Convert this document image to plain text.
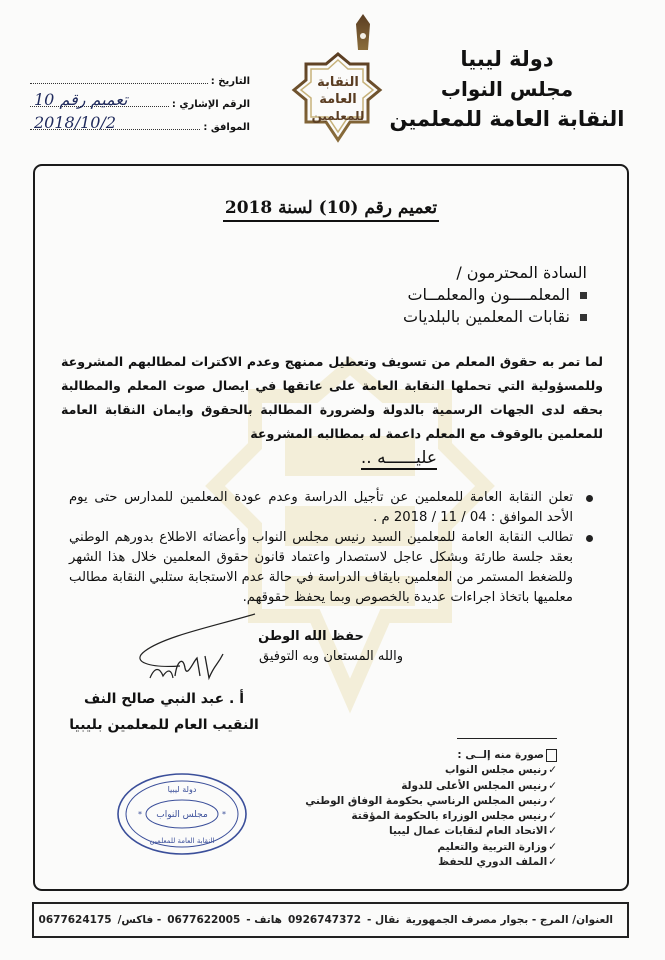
دولة ليبيا
مجلس النواب
النقابة العامة للمعلمين
النقابة
العامة
للمعلمين
التاريخ :
الرقم الإشاري :
تعميم رقم 10
الموافق :
2018/10/2
تعميم رقم (10) لسنة 2018
السادة المحترمون /
المعلمــــون والمعلمــات
نقابات المعلمين بالبلديات
لما تمر به حقوق المعلم من تسويف وتعطيل ممنهج وعدم الاكترات لمطالبهم المشروعة وللمسؤولية التي تحملها النقابة العامة على عاتقها في ايصال صوت المعلم والمطالبة بحقه لدى الجهات الرسمية بالدولة ولضرورة المطالبة بالحقوق وايمان النقابة العامة للمعلمين بالوقوف مع المعلم داعمة له بمطالبه المشروعة
عليــــــه ..
تعلن النقابة العامة للمعلمين عن تأجيل الدراسة وعدم عودة المعلمين للمدارس حتى يوم الأحد الموافق : 04 / 11 / 2018 م .
تطالب النقابة العامة للمعلمين السيد رنيس مجلس النواب وأعضائه الاطلاع بدورهم الوطني بعقد جلسة طارئة وبشكل عاجل لاستصدار واعتماد قانون حقوق المعلمين خلال هذا الشهر وللضغط المستمر من المعلمين بايقاف الدراسة في حالة عدم الاستجابة ستلبي النقابة مطالب معلميها باتخاذ اجراءات عديدة بالخصوص وبما يحفظ حقوقهم.
حفظ الله الوطن
والله المستعان وبه التوفيق
أ . عبد النبي صالح النف
النقيب العام للمعلمين بليبيا
صورة منه إلــى :
✓رنيس مجلس النواب
✓رنيس المجلس الأعلى للدولة
✓رنيس المجلس الرناسي بحكومة الوفاق الوطني
✓رنيس مجلس الوزراء بالحكومة المؤقتة
✓الاتحاد العام لنقابات عمال ليبيا
✓وزارة التربية والتعليم
✓الملف الدوري للحفظ
دولة ليبيا
مجلس النواب
النقابة العامة للمعلمين
*	*
العنوان/ المرج - بجوار مصرف الجمهورية
نقال -
0926747372
هاتف -
0677622005
- فاكس/
0677624175
